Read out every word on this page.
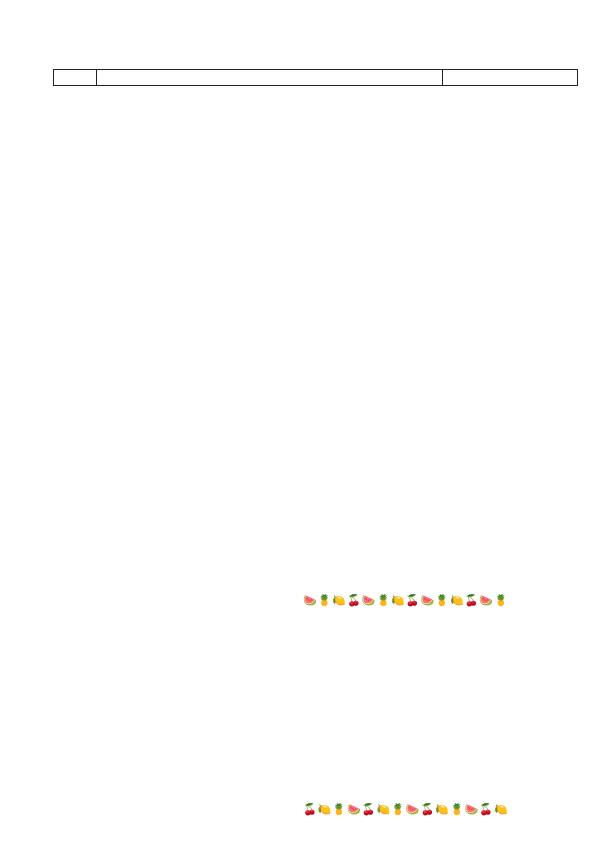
🍉🍍🍋🍒🍉🍍🍋🍒🍉🍍🍋🍒🍉🍍
🍒🍋🍍🍉🍒🍋🍍🍉🍒🍋🍍🍉🍒🍋
